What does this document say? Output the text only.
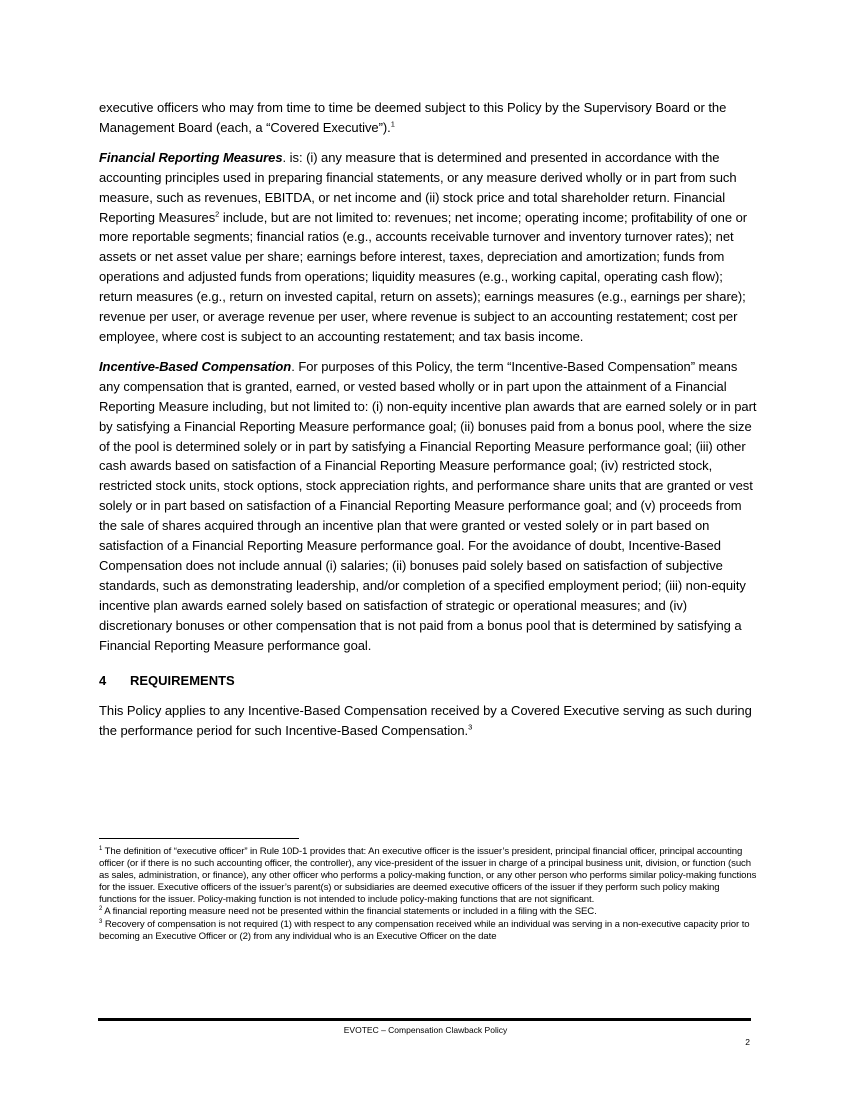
executive officers who may from time to time be deemed subject to this Policy by the Supervisory Board or the Management Board (each, a “Covered Executive”).$^1$

Financial Reporting Measures. is: (i) any measure that is determined and presented in accordance with the accounting principles used in preparing financial statements, or any measure derived wholly or in part from such measure, such as revenues, EBITDA, or net income and (ii) stock price and total shareholder return. Financial Reporting Measures$^2$ include, but are not limited to: revenues; net income; operating income; profitability of one or more reportable segments; financial ratios (e.g., accounts receivable turnover and inventory turnover rates); net assets or net asset value per share; earnings before interest, taxes, depreciation and amortization; funds from operations and adjusted funds from operations; liquidity measures (e.g., working capital, operating cash flow); return measures (e.g., return on invested capital, return on assets); earnings measures (e.g., earnings per share); revenue per user, or average revenue per user, where revenue is subject to an accounting restatement; cost per employee, where cost is subject to an accounting restatement; and tax basis income.

Incentive-Based Compensation. For purposes of this Policy, the term “Incentive-Based Compensation” means any compensation that is granted, earned, or vested based wholly or in part upon the attainment of a Financial Reporting Measure including, but not limited to: (i) non-equity incentive plan awards that are earned solely or in part by satisfying a Financial Reporting Measure performance goal; (ii) bonuses paid from a bonus pool, where the size of the pool is determined solely or in part by satisfying a Financial Reporting Measure performance goal; (iii) other cash awards based on satisfaction of a Financial Reporting Measure performance goal; (iv) restricted stock, restricted stock units, stock options, stock appreciation rights, and performance share units that are granted or vest solely or in part based on satisfaction of a Financial Reporting Measure performance goal; and (v) proceeds from the sale of shares acquired through an incentive plan that were granted or vested solely or in part based on satisfaction of a Financial Reporting Measure performance goal. For the avoidance of doubt, Incentive-Based Compensation does not include annual (i) salaries; (ii) bonuses paid solely based on satisfaction of subjective standards, such as demonstrating leadership, and/or completion of a specified employment period; (iii) non-equity incentive plan awards earned solely based on satisfaction of strategic or operational measures; and (iv) discretionary bonuses or other compensation that is not paid from a bonus pool that is determined by satisfying a Financial Reporting Measure performance goal.

4 REQUIREMENTS

This Policy applies to any Incentive-Based Compensation received by a Covered Executive serving as such during the performance period for such Incentive-Based Compensation.$^3$

$^1$ The definition of “executive officer” in Rule 10D-1 provides that: An executive officer is the issuer’s president, principal financial officer, principal accounting officer (or if there is no such accounting officer, the controller), any vice-president of the issuer in charge of a principal business unit, division, or function (such as sales, administration, or finance), any other officer who performs a policy-making function, or any other person who performs similar policy-making functions for the issuer. Executive officers of the issuer’s parent(s) or subsidiaries are deemed executive officers of the issuer if they perform such policy making functions for the issuer. Policy-making function is not intended to include policy-making functions that are not significant.

$^2$ A financial reporting measure need not be presented within the financial statements or included in a filing with the SEC.

$^3$ Recovery of compensation is not required (1) with respect to any compensation received while an individual was serving in a non-executive capacity prior to becoming an Executive Officer or (2) from any individual who is an Executive Officer on the date

EVOTEC – Compensation Clawback Policy
2
